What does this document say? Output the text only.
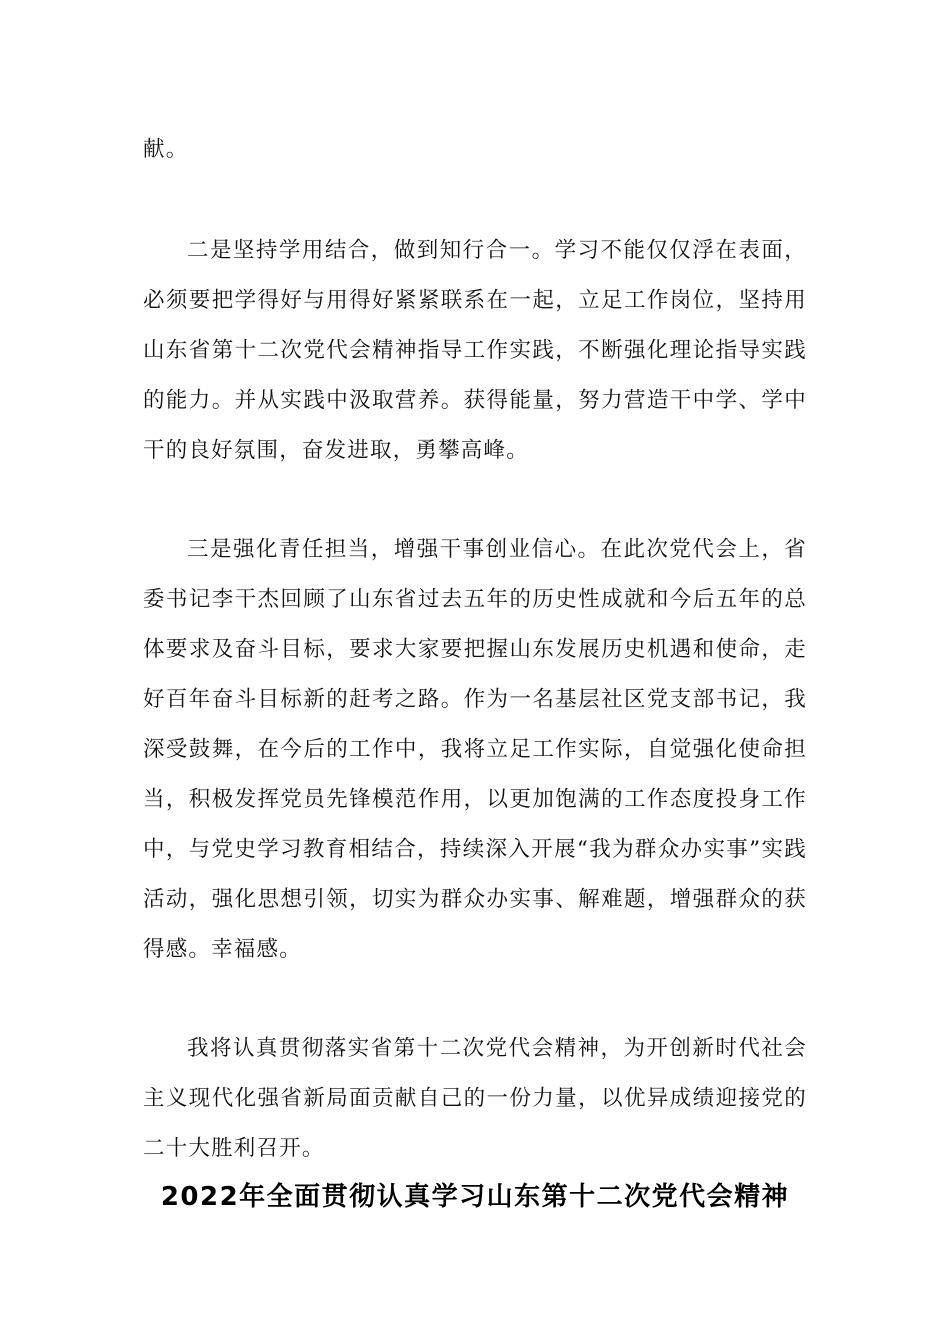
献。

二是坚持学用结合，做到知行合一。学习不能仅仅浮在表面，必须要把学得好与用得好紧紧联系在一起，立足工作岗位，坚持用山东省第十二次党代会精神指导工作实践，不断强化理论指导实践的能力。并从实践中汲取营养。获得能量，努力营造干中学、学中干的良好氛围，奋发进取，勇攀高峰。

三是强化青任担当，增强干事创业信心。在此次党代会上，省委书记李干杰回顾了山东省过去五年的历史性成就和今后五年的总体要求及奋斗目标，要求大家要把握山东发展历史机遇和使命，走好百年奋斗目标新的赶考之路。作为一名基层社区党支部书记，我深受鼓舞，在今后的工作中，我将立足工作实际，自觉强化使命担当，积极发挥党员先锋模范作用，以更加饱满的工作态度投身工作中，与党史学习教育相结合，持续深入开展“我为群众办实事”实践活动，强化思想引领，切实为群众办实事、解难题，增强群众的获得感。幸福感。

我将认真贯彻落实省第十二次党代会精神，为开创新时代社会主义现代化强省新局面贡献自己的一份力量，以优异成绩迎接党的二十大胜利召开。

2022年全面贯彻认真学习山东第十二次党代会精神
